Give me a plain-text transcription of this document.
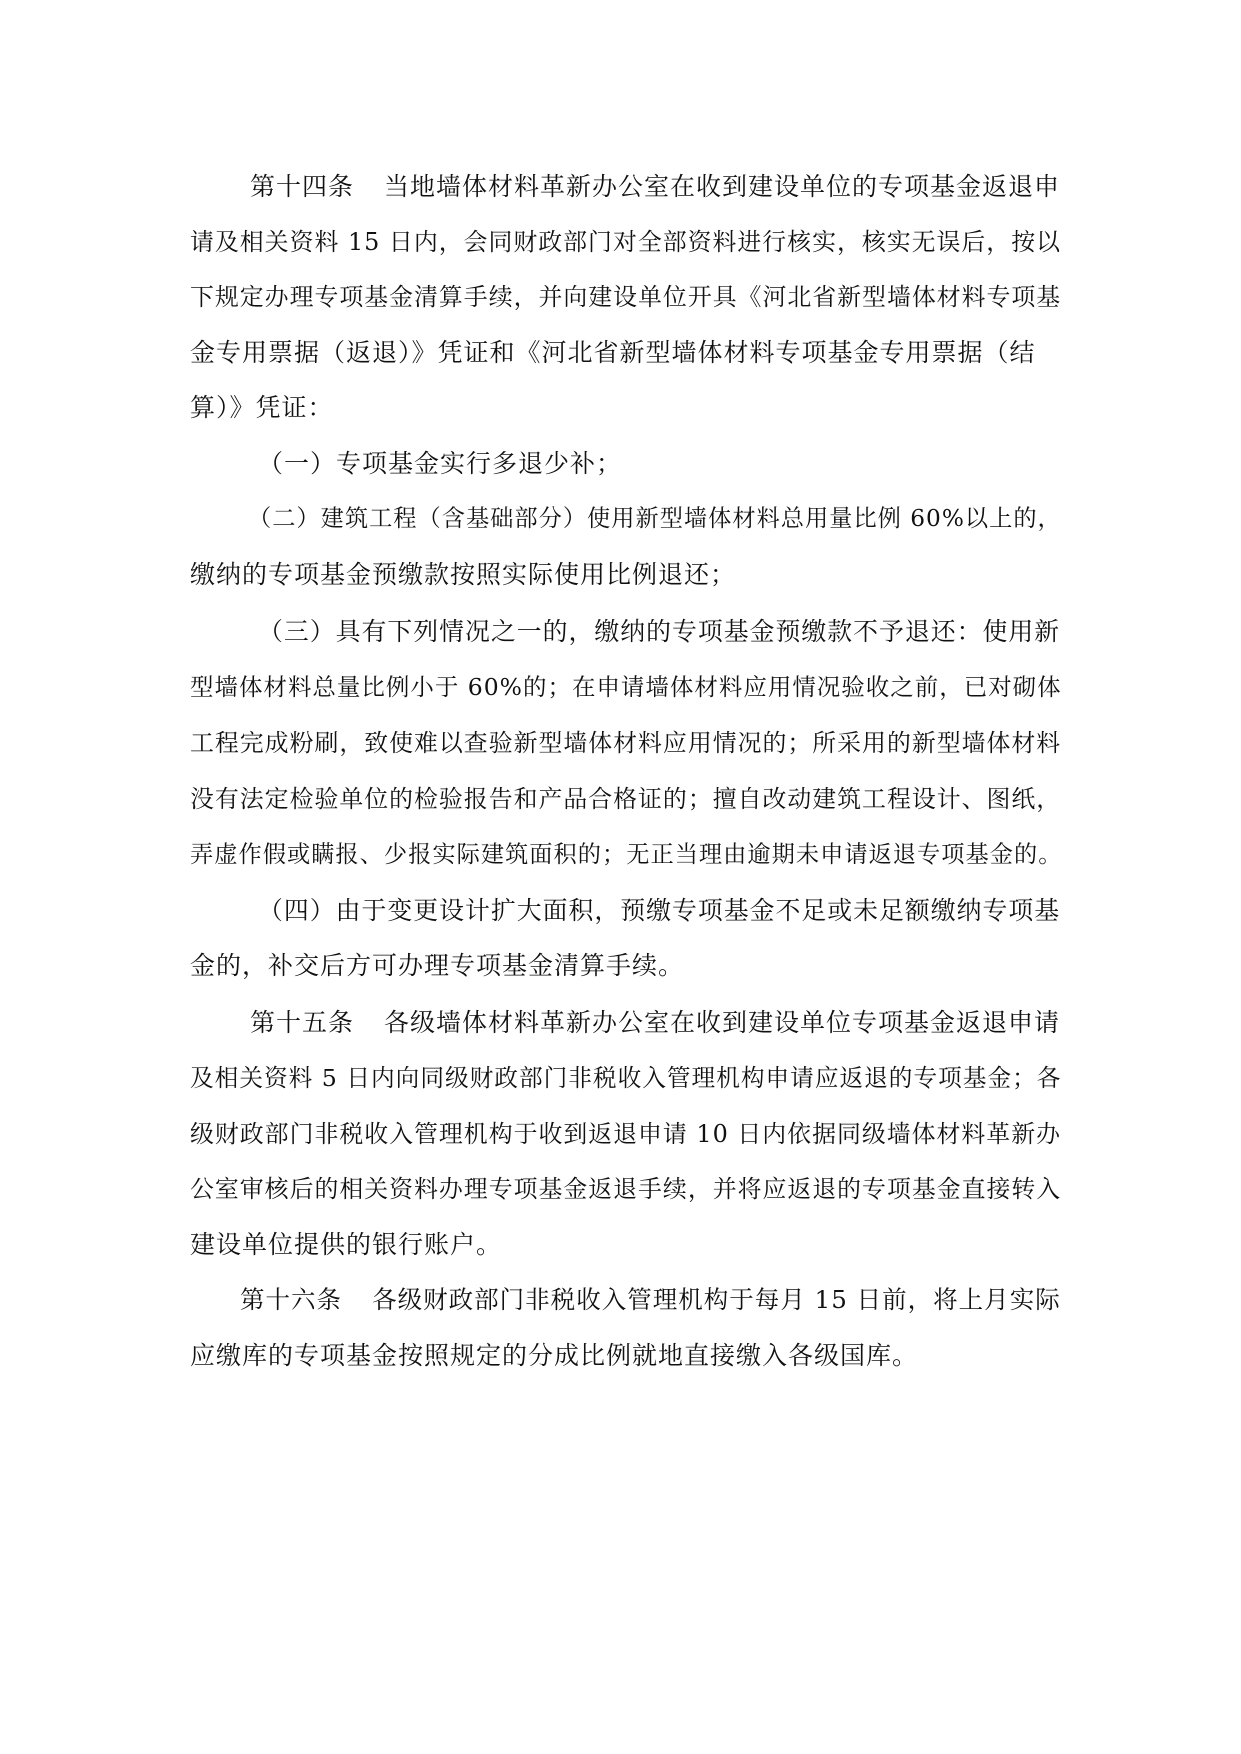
第十四条 当地墙体材料革新办公室在收到建设单位的专项基金返退申
请及相关资料 15 日内，会同财政部门对全部资料进行核实，核实无误后，按以
下规定办理专项基金清算手续，并向建设单位开具《河北省新型墙体材料专项基
金专用票据（返退）》凭证和《河北省新型墙体材料专项基金专用票据（结
算）》凭证：
（一）专项基金实行多退少补；
（二）建筑工程（含基础部分）使用新型墙体材料总用量比例 60%以上的，
缴纳的专项基金预缴款按照实际使用比例退还；
（三）具有下列情况之一的，缴纳的专项基金预缴款不予退还：使用新
型墙体材料总量比例小于 60%的；在申请墙体材料应用情况验收之前，已对砌体
工程完成粉刷，致使难以查验新型墙体材料应用情况的；所采用的新型墙体材料
没有法定检验单位的检验报告和产品合格证的；擅自改动建筑工程设计、图纸，
弄虚作假或瞒报、少报实际建筑面积的；无正当理由逾期未申请返退专项基金的。
（四）由于变更设计扩大面积，预缴专项基金不足或未足额缴纳专项基
金的，补交后方可办理专项基金清算手续。
第十五条 各级墙体材料革新办公室在收到建设单位专项基金返退申请
及相关资料 5 日内向同级财政部门非税收入管理机构申请应返退的专项基金；各
级财政部门非税收入管理机构于收到返退申请 10 日内依据同级墙体材料革新办
公室审核后的相关资料办理专项基金返退手续，并将应返退的专项基金直接转入
建设单位提供的银行账户。
第十六条 各级财政部门非税收入管理机构于每月 15 日前，将上月实际
应缴库的专项基金按照规定的分成比例就地直接缴入各级国库。
